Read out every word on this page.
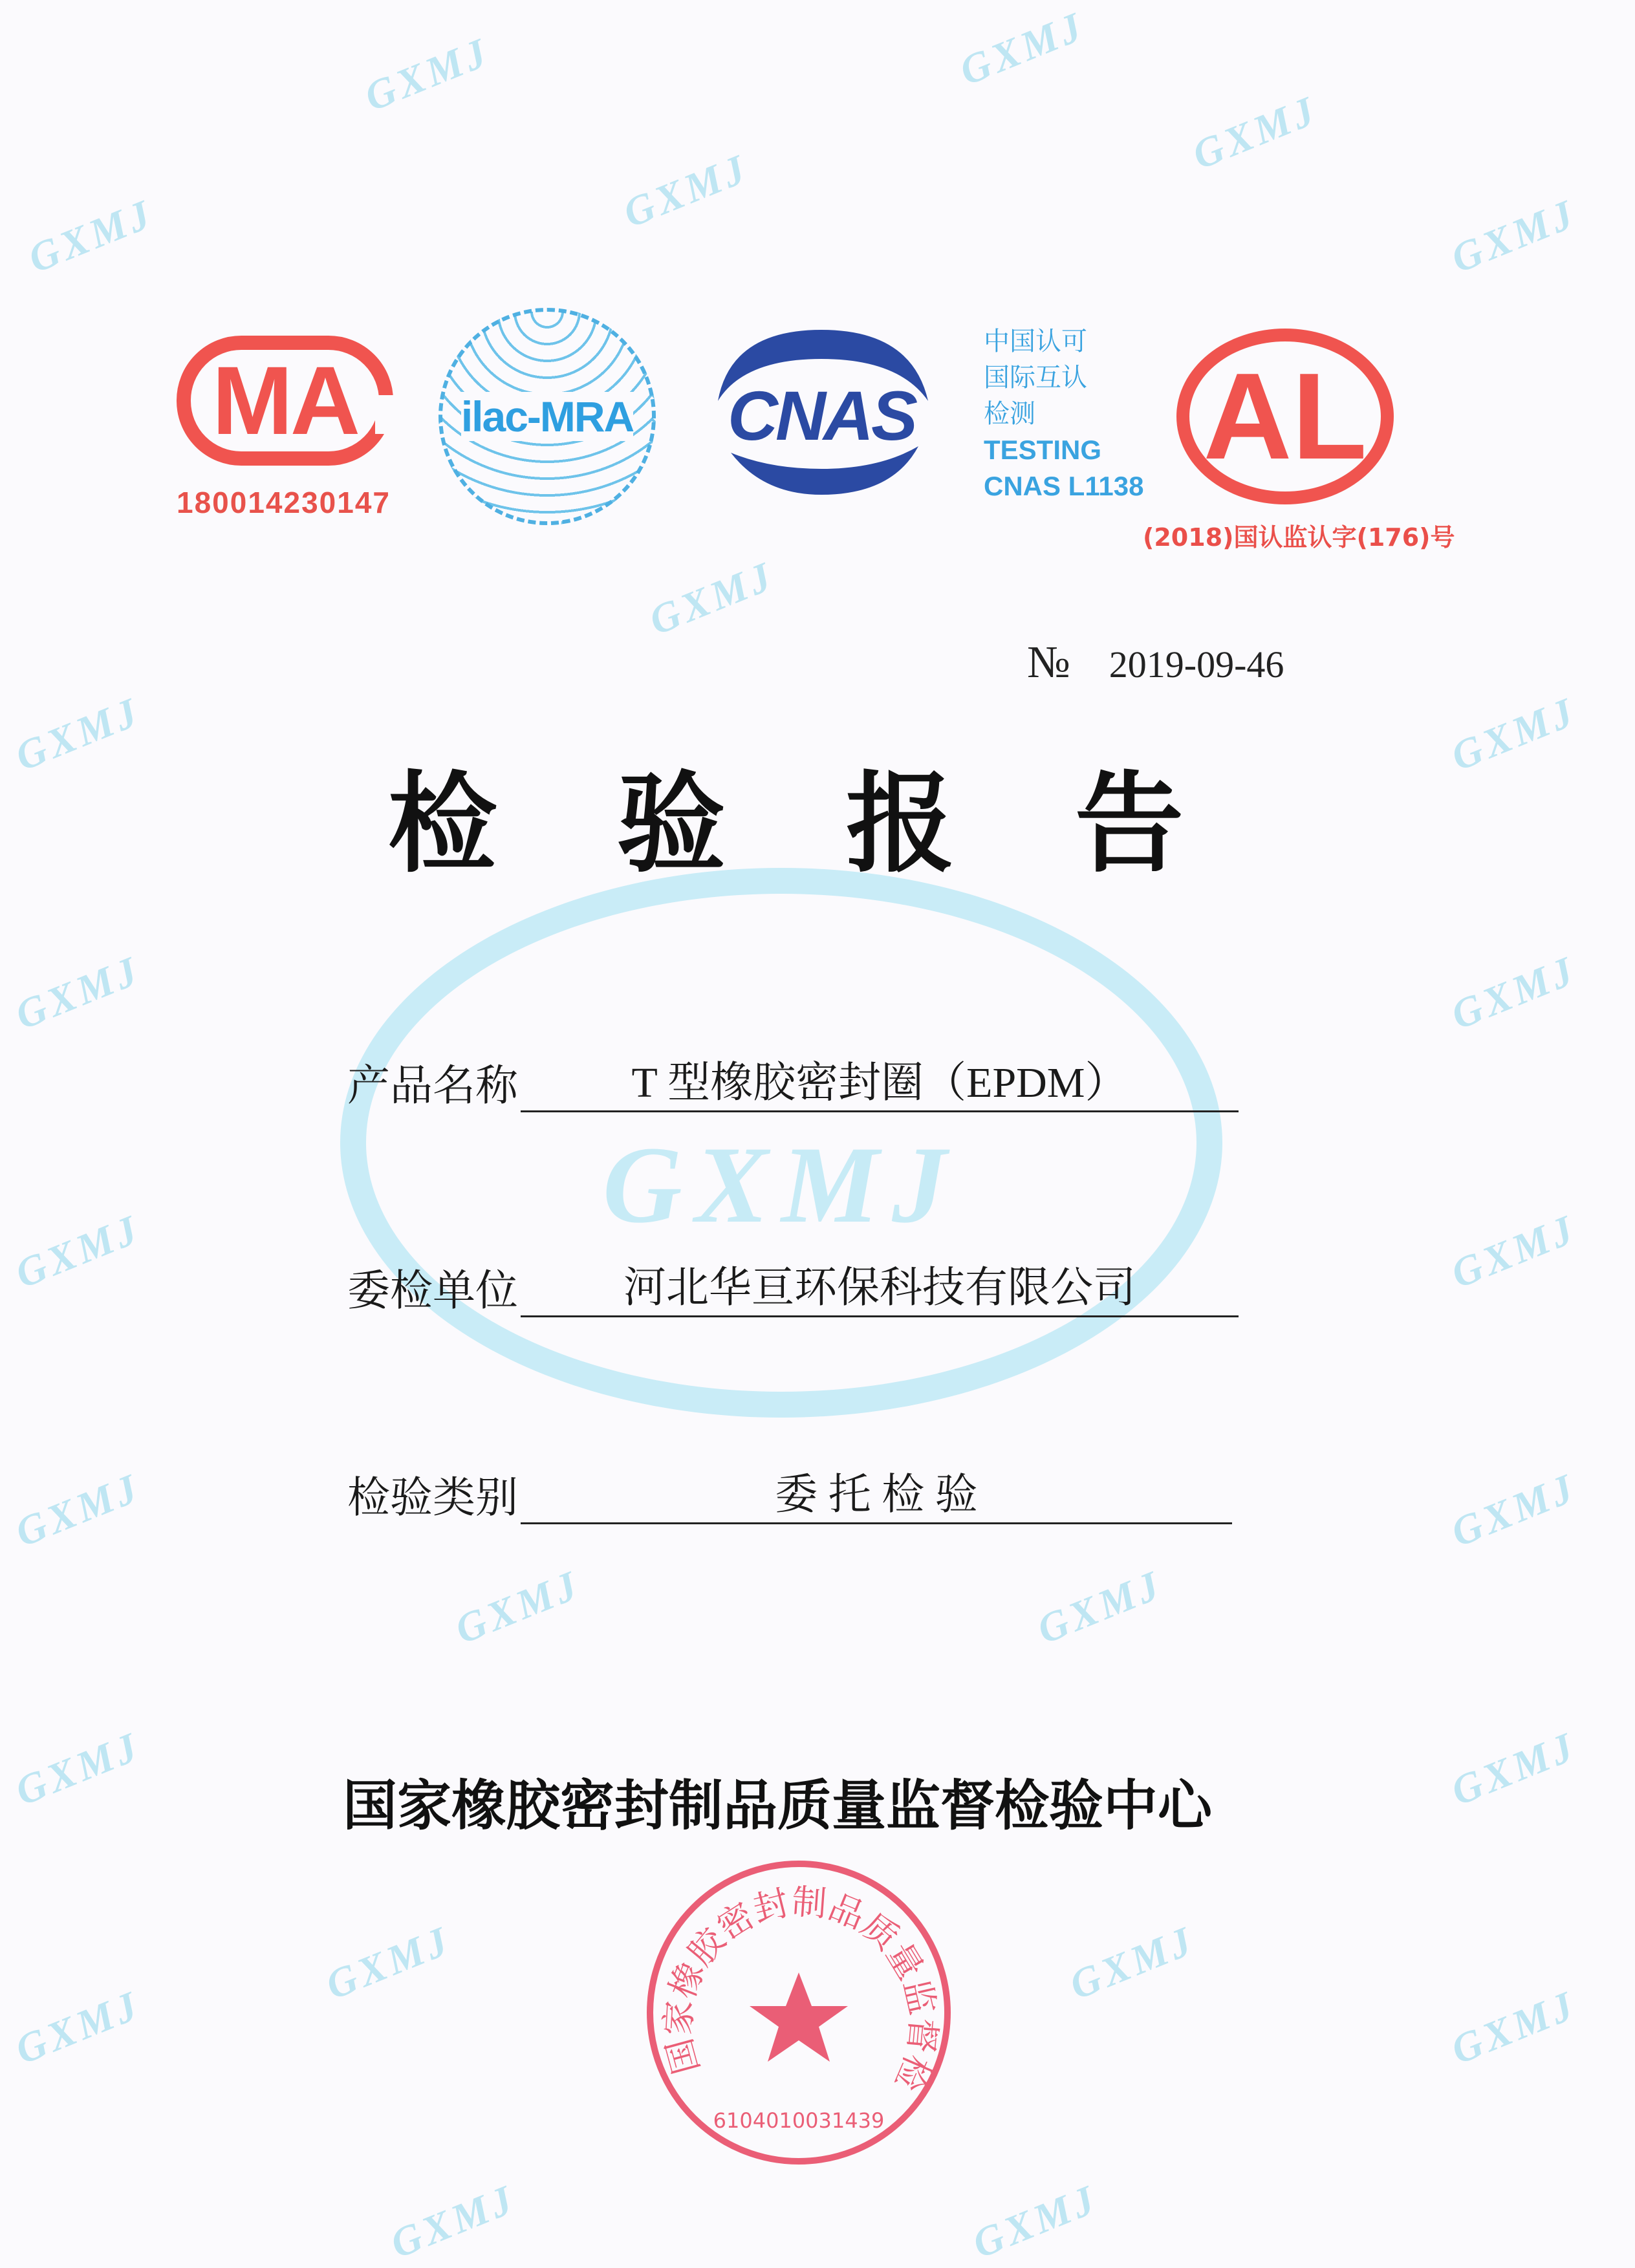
GXMJ	GXMJ
GXMJ
GXMJ
GXMJ	GXMJ
GXMJ
GXMJ
GXMJ
GXMJ
GXMJ
GXMJ
GXMJ
GXMJ
GXMJ
GXMJ
GXMJ
GXMJ
GXMJ
GXMJ	GXMJ
GXMJ	GXMJ
GXMJ
GXMJ
GXMJ
MA
180014230147
ilac-MRA	CNAS
中国认可
国际互认
检测
TESTING
CNAS L1138
AL
(2018)国认监认字(176)号
№ 2019-09-46
检验报告
产品名称	T 型橡胶密封圈（EPDM）
委检单位	河北华亘环保科技有限公司
检验类别	委 托 检 验
国家橡胶密封制品质量监督检验中心
国家橡胶密封制品质量监督检
6104010031439
